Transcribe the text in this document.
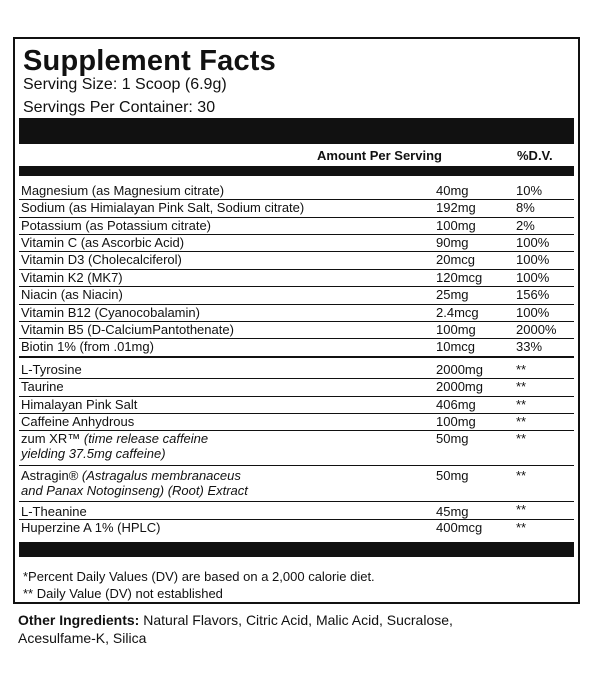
Supplement Facts
Serving Size: 1 Scoop (6.9g)
Servings Per Container: 30
Amount Per Serving	%D.V.
Magnesium (as Magnesium citrate)	40mg	10%
Sodium (as Himialayan Pink Salt, Sodium citrate)	192mg	8%
Potassium (as Potassium citrate)	100mg	2%
Vitamin C (as Ascorbic Acid)	90mg	100%
Vitamin D3 (Cholecalciferol)	20mcg	100%
Vitamin K2 (MK7)	120mcg	100%
Niacin (as Niacin)	25mg	156%
Vitamin B12 (Cyanocobalamin)	2.4mcg	100%
Vitamin B5 (D-CalciumPantothenate)	100mg	2000%
Biotin 1% (from .01mg)	10mcg	33%
L-Tyrosine	2000mg	**
Taurine	2000mg	**
Himalayan Pink Salt	406mg	**
Caffeine Anhydrous	100mg	**
zum XR™ (time release caffeine
yielding 37.5mg caffeine)
50mg	**
Astragin® (Astragalus membranaceus
and Panax Notoginseng) (Root) Extract
50mg	**
L-Theanine	45mg	**
Huperzine A 1% (HPLC)	400mcg	**
*Percent Daily Values (DV) are based on a 2,000 calorie diet.
** Daily Value (DV) not established
Other Ingredients: Natural Flavors, Citric Acid, Malic Acid, Sucralose, Acesulfame-K, Silica
